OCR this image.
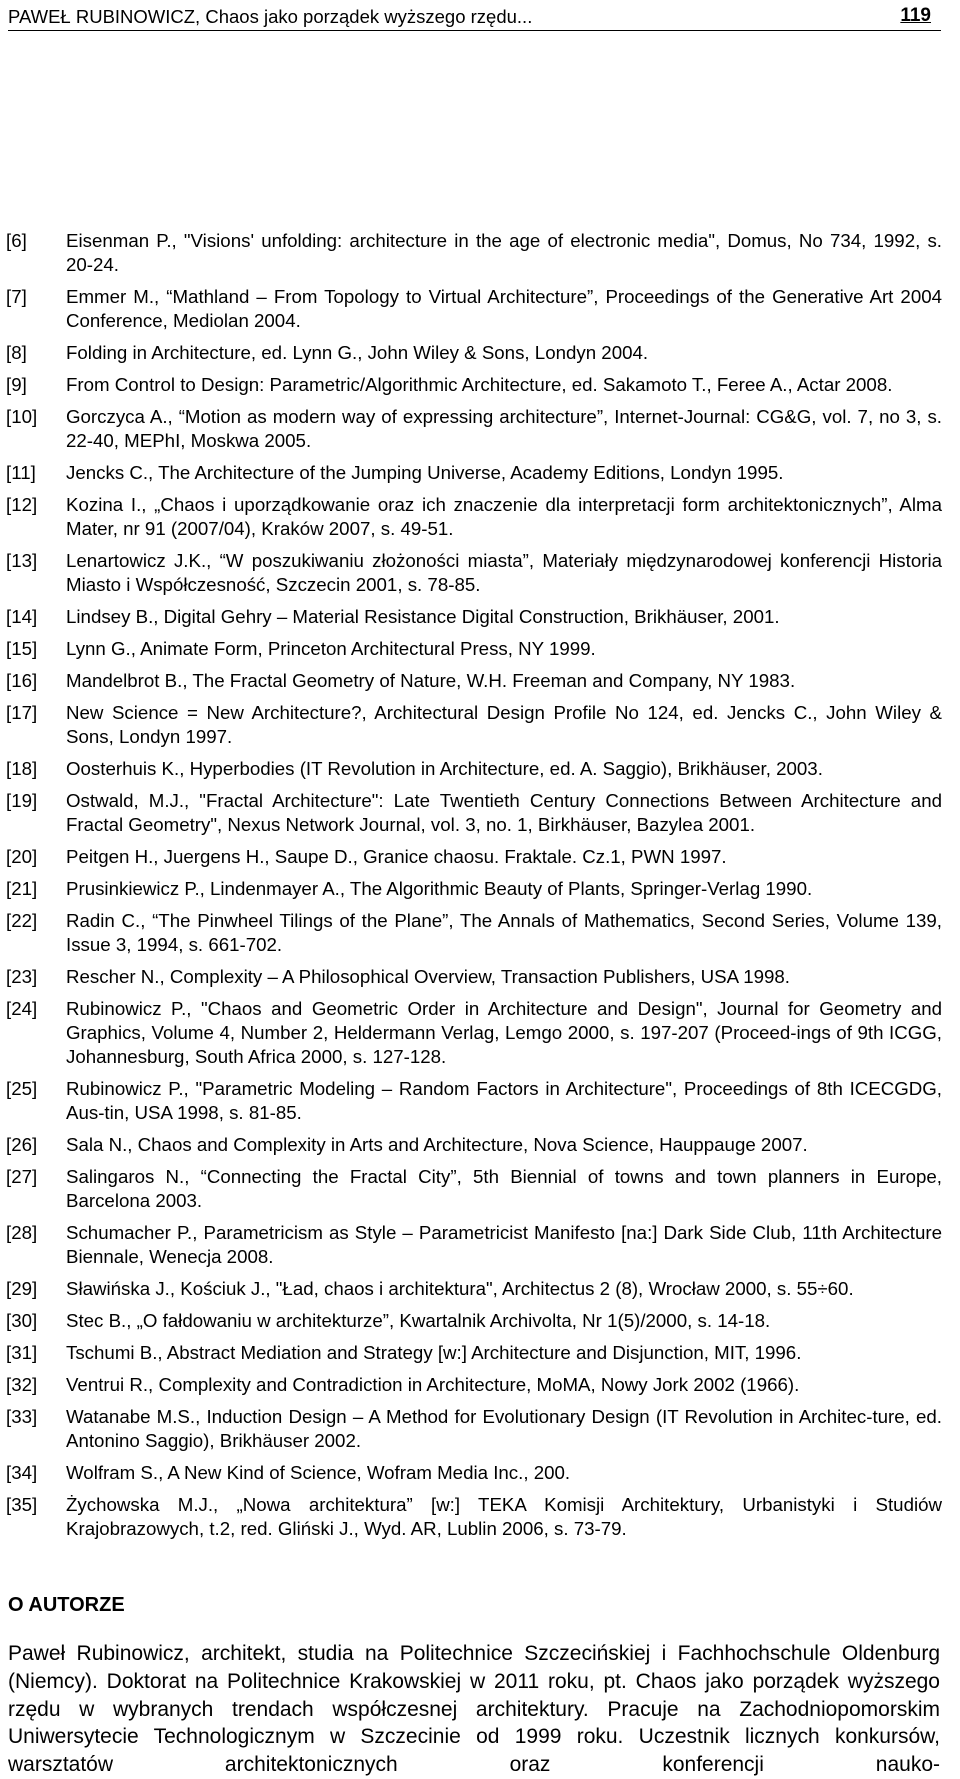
PAWEŁ RUBINOWICZ, Chaos jako porządek wyższego rzędu...	119
[6] Eisenman P., "Visions' unfolding: architecture in the age of electronic media", Domus, No 734, 1992, s. 20-24.
[7] Emmer M., “Mathland – From Topology to Virtual Architecture”, Proceedings of the Generative Art 2004 Conference, Mediolan 2004.
[8] Folding in Architecture, ed. Lynn G., John Wiley & Sons, Londyn 2004.
[9] From Control to Design: Parametric/Algorithmic Architecture, ed. Sakamoto T., Feree A., Actar 2008.
[10] Gorczyca A., “Motion as modern way of expressing architecture”, Internet-Journal: CG&G, vol. 7, no 3, s. 22-40, MEPhI, Moskwa 2005.
[11] Jencks C., The Architecture of the Jumping Universe, Academy Editions, Londyn 1995.
[12] Kozina I., „Chaos i uporządkowanie oraz ich znaczenie dla interpretacji form architektonicznych”, Alma Mater, nr 91 (2007/04), Kraków 2007, s. 49-51.
[13] Lenartowicz J.K., “W poszukiwaniu złożoności miasta”, Materiały międzynarodowej konferencji Historia Miasto i Współczesność, Szczecin 2001, s. 78-85.
[14] Lindsey B., Digital Gehry – Material Resistance Digital Construction, Brikhäuser, 2001.
[15] Lynn G., Animate Form, Princeton Architectural Press, NY 1999.
[16] Mandelbrot B., The Fractal Geometry of Nature, W.H. Freeman and Company, NY 1983.
[17] New Science = New Architecture?, Architectural Design Profile No 124, ed. Jencks C., John Wiley & Sons, Londyn 1997.
[18] Oosterhuis K., Hyperbodies (IT Revolution in Architecture, ed. A. Saggio), Brikhäuser, 2003.
[19] Ostwald, M.J., "Fractal Architecture": Late Twentieth Century Connections Between Architecture and Fractal Geometry", Nexus Network Journal, vol. 3, no. 1, Birkhäuser, Bazylea 2001.
[20] Peitgen H., Juergens H., Saupe D., Granice chaosu. Fraktale. Cz.1, PWN 1997.
[21] Prusinkiewicz P., Lindenmayer A., The Algorithmic Beauty of Plants, Springer-Verlag 1990.
[22] Radin C., “The Pinwheel Tilings of the Plane”, The Annals of Mathematics, Second Series, Volume 139, Issue 3, 1994, s. 661-702.
[23] Rescher N., Complexity – A Philosophical Overview, Transaction Publishers, USA 1998.
[24] Rubinowicz P., "Chaos and Geometric Order in Architecture and Design", Journal for Geometry and Graphics, Volume 4, Number 2, Heldermann Verlag, Lemgo 2000, s. 197-207 (Proceed-ings of 9th ICGG, Johannesburg, South Africa 2000, s. 127-128.
[25] Rubinowicz P., "Parametric Modeling – Random Factors in Architecture", Proceedings of 8th ICECGDG, Aus-tin, USA 1998, s. 81-85.
[26] Sala N., Chaos and Complexity in Arts and Architecture, Nova Science, Hauppauge 2007.
[27] Salingaros N., “Connecting the Fractal City”, 5th Biennial of towns and town planners in Europe, Barcelona 2003.
[28] Schumacher P., Parametricism as Style – Parametricist Manifesto [na:] Dark Side Club, 11th Architecture Biennale, Wenecja 2008.
[29] Sławińska J., Kościuk J., "Ład, chaos i architektura", Architectus 2 (8), Wrocław 2000, s. 55÷60.
[30] Stec B., „O fałdowaniu w architekturze”, Kwartalnik Archivolta, Nr 1(5)/2000, s. 14-18.
[31] Tschumi B., Abstract Mediation and Strategy [w:] Architecture and Disjunction, MIT, 1996.
[32] Ventrui R., Complexity and Contradiction in Architecture, MoMA, Nowy Jork 2002 (1966).
[33] Watanabe M.S., Induction Design – A Method for Evolutionary Design (IT Revolution in Architec-ture, ed. Antonino Saggio), Brikhäuser 2002.
[34] Wolfram S., A New Kind of Science, Wofram Media Inc., 200.
[35] Żychowska M.J., „Nowa architektura” [w:] TEKA Komisji Architektury, Urbanistyki i Studiów Krajobrazowych, t.2, red. Gliński J., Wyd. AR, Lublin 2006, s. 73-79.
O AUTORZE

Paweł Rubinowicz, architekt, studia na Politechnice Szczecińskiej i Fachhochschule Oldenburg (Niemcy). Doktorat na Politechnice Krakowskiej w 2011 roku, pt. Chaos jako porządek wyższego rzędu w wybranych trendach współczesnej architektury. Pracuje na Zachodniopomorskim Uniwersytecie Technologicznym w Szczecinie od 1999 roku. Uczestnik licznych konkursów, warsztatów architektonicznych oraz konferencji nauko-
